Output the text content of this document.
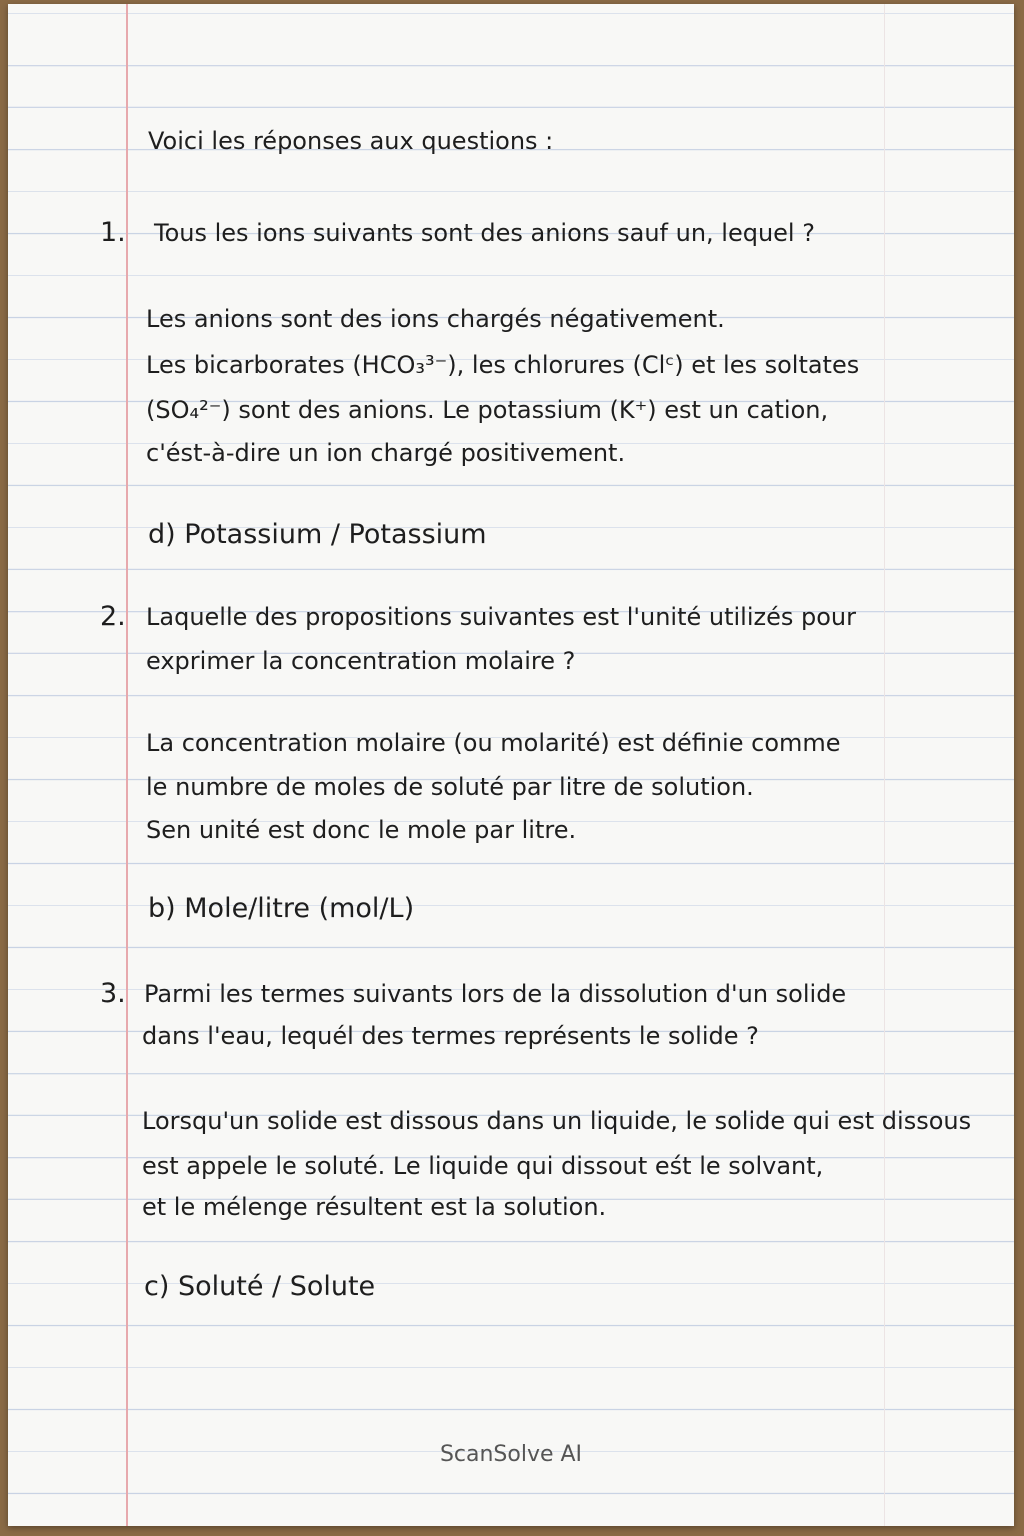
Voici les réponses aux questions :
1. Tous les ions suivants sont des anions sauf un, lequel ?
Les anions sont des ions chargés négativement.
Les bicarborates (HCO₃³⁻), les chlorures (Clᶜ) et les soltates
(SO₄²⁻) sont des anions. Le potassium (K⁺) est un cation,
c'ést-à-dire un ion chargé positivement.
d) Potassium / Potassium
2. Laquelle des propositions suivantes est l'unité utilizés pour
exprimer la concentration molaire ?
La concentration molaire (ou molarité) est définie comme
le numbre de moles de soluté par litre de solution.
Sen unité est donc le mole par litre.
b) Mole/litre (mol/L)
3. Parmi les termes suivants lors de la dissolution d'un solide
dans l'eau, lequél des termes représents le solide ?
Lorsqu'un solide est dissous dans un liquide, le solide qui est dissous
est appele le soluté. Le liquide qui dissout eśt le solvant,
et le mélenge résultent est la solution.
c) Soluté / Solute
ScanSolve AI
